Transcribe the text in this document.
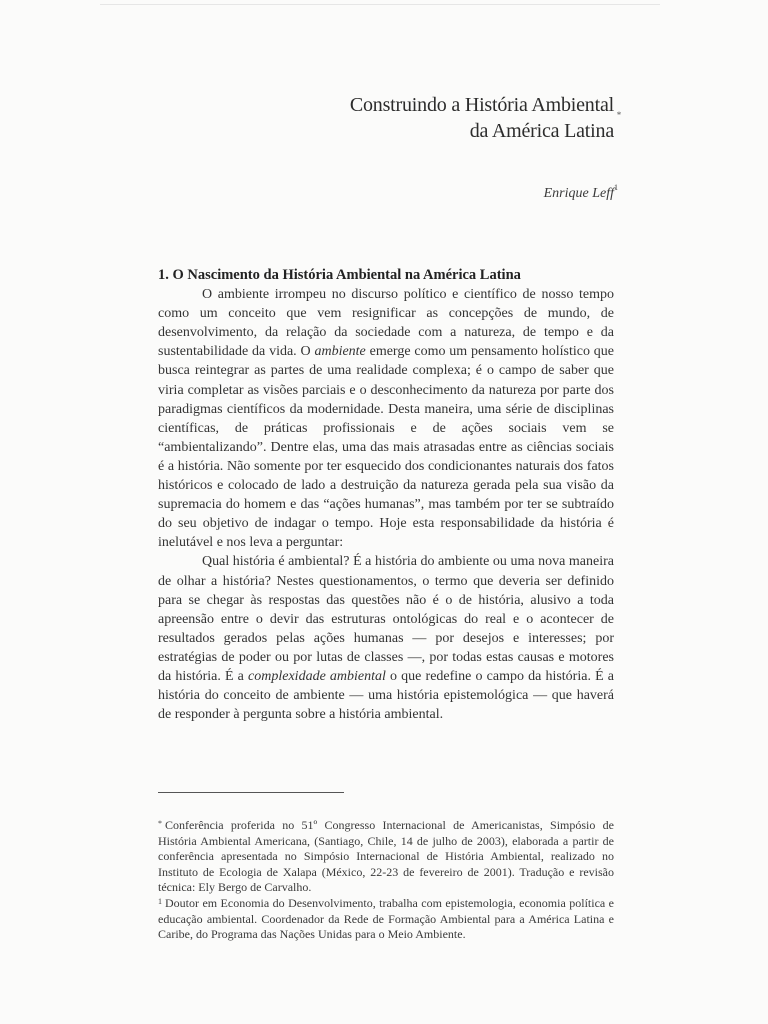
Construindo a História Ambiental
da América Latina
*
Enrique Leff$^1$

1. O Nascimento da História Ambiental na América Latina

O ambiente irrompeu no discurso político e científico de nosso tempo como um conceito que vem resignificar as concepções de mundo, de desenvolvimento, da relação da sociedade com a natureza, de tempo e da sustentabilidade da vida. O ambiente emerge como um pensamento holístico que busca reintegrar as partes de uma realidade complexa; é o campo de saber que viria completar as visões parciais e o desconhecimento da natureza por parte dos paradigmas científicos da modernidade. Desta maneira, uma série de disciplinas científicas, de práticas profissionais e de ações sociais vem se “ambientalizando”. Dentre elas, uma das mais atrasadas entre as ciências sociais é a história. Não somente por ter esquecido dos condicionantes naturais dos fatos históricos e colocado de lado a destruição da natureza gerada pela sua visão da supremacia do homem e das “ações humanas”, mas também por ter se subtraído do seu objetivo de indagar o tempo. Hoje esta responsabilidade da história é inelutável e nos leva a perguntar:

Qual história é ambiental? É a história do ambiente ou uma nova maneira de olhar a história? Nestes questionamentos, o termo que deveria ser definido para se chegar às respostas das questões não é o de história, alusivo a toda apreensão entre o devir das estruturas ontológicas do real e o acontecer de resultados gerados pelas ações humanas — por desejos e interesses; por estratégias de poder ou por lutas de classes —, por todas estas causas e motores da história. É a complexidade ambiental o que redefine o campo da história. É a história do conceito de ambiente — uma história epistemológica — que haverá de responder à pergunta sobre a história ambiental.

* Conferência proferida no 51º Congresso Internacional de Americanistas, Simpósio de História Ambiental Americana, (Santiago, Chile, 14 de julho de 2003), elaborada a partir de conferência apresentada no Simpósio Internacional de História Ambiental, realizado no Instituto de Ecologia de Xalapa (México, 22-23 de fevereiro de 2001). Tradução e revisão técnica: Ely Bergo de Carvalho.

$^1$ Doutor em Economia do Desenvolvimento, trabalha com epistemologia, economia política e educação ambiental. Coordenador da Rede de Formação Ambiental para a América Latina e Caribe, do Programa das Nações Unidas para o Meio Ambiente.
